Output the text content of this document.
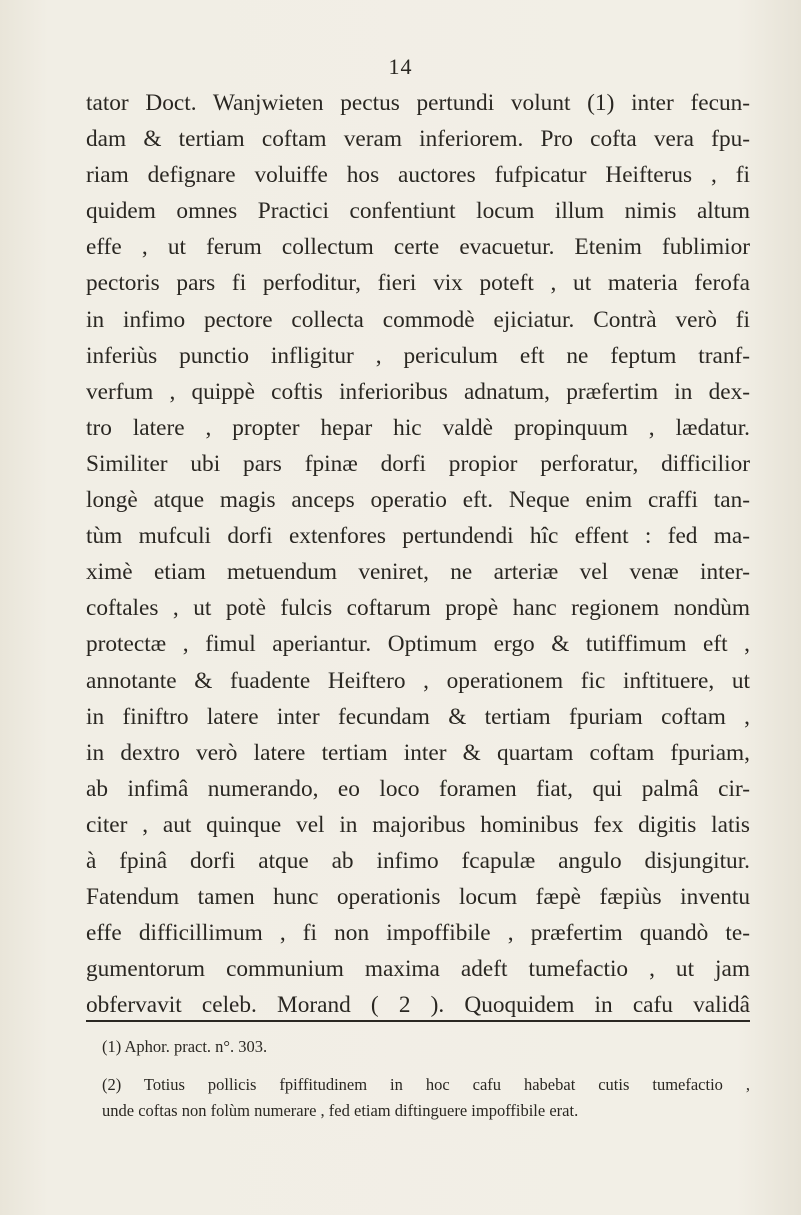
14
tator Doct. Wanjwieten pectus pertundi volunt (1) inter fecun-
dam & tertiam coftam veram inferiorem. Pro cofta vera fpu-
riam defignare voluiffe hos auctores fufpicatur Heifterus , fi
quidem omnes Practici confentiunt locum illum nimis altum
effe , ut ferum collectum certe evacuetur. Etenim fublimior
pectoris pars fi perfoditur, fieri vix poteft , ut materia ferofa
in infimo pectore collecta commodè ejiciatur. Contrà verò fi
inferiùs punctio infligitur , periculum eft ne feptum tranf-
verfum , quippè coftis inferioribus adnatum, præfertim in dex-
tro latere , propter hepar hic valdè propinquum , lædatur.
Similiter ubi pars fpinæ dorfi propior perforatur, difficilior
longè atque magis anceps operatio eft. Neque enim craffi tan-
tùm mufculi dorfi extenfores pertundendi hîc effent : fed ma-
ximè etiam metuendum veniret, ne arteriæ vel venæ inter-
coftales , ut potè fulcis coftarum propè hanc regionem nondùm
protectæ , fimul aperiantur. Optimum ergo & tutiffimum eft ,
annotante & fuadente Heiftero , operationem fic inftituere, ut
in finiftro latere inter fecundam & tertiam fpuriam coftam ,
in dextro verò latere tertiam inter & quartam coftam fpuriam,
ab infimâ numerando, eo loco foramen fiat, qui palmâ cir-
citer , aut quinque vel in majoribus hominibus fex digitis latis
à fpinâ dorfi atque ab infimo fcapulæ angulo disjungitur.
Fatendum tamen hunc operationis locum fæpè fæpiùs inventu
effe difficillimum , fi non impoffibile , præfertim quandò te-
gumentorum communium maxima adeft tumefactio , ut jam
obfervavit celeb. Morand ( 2 ). Quoquidem in cafu validâ
(1) Aphor. pract. n°. 303.
(2) Totius pollicis fpiffitudinem in hoc cafu habebat cutis tumefactio ,
unde coftas non folùm numerare , fed etiam diftinguere impoffibile erat.
